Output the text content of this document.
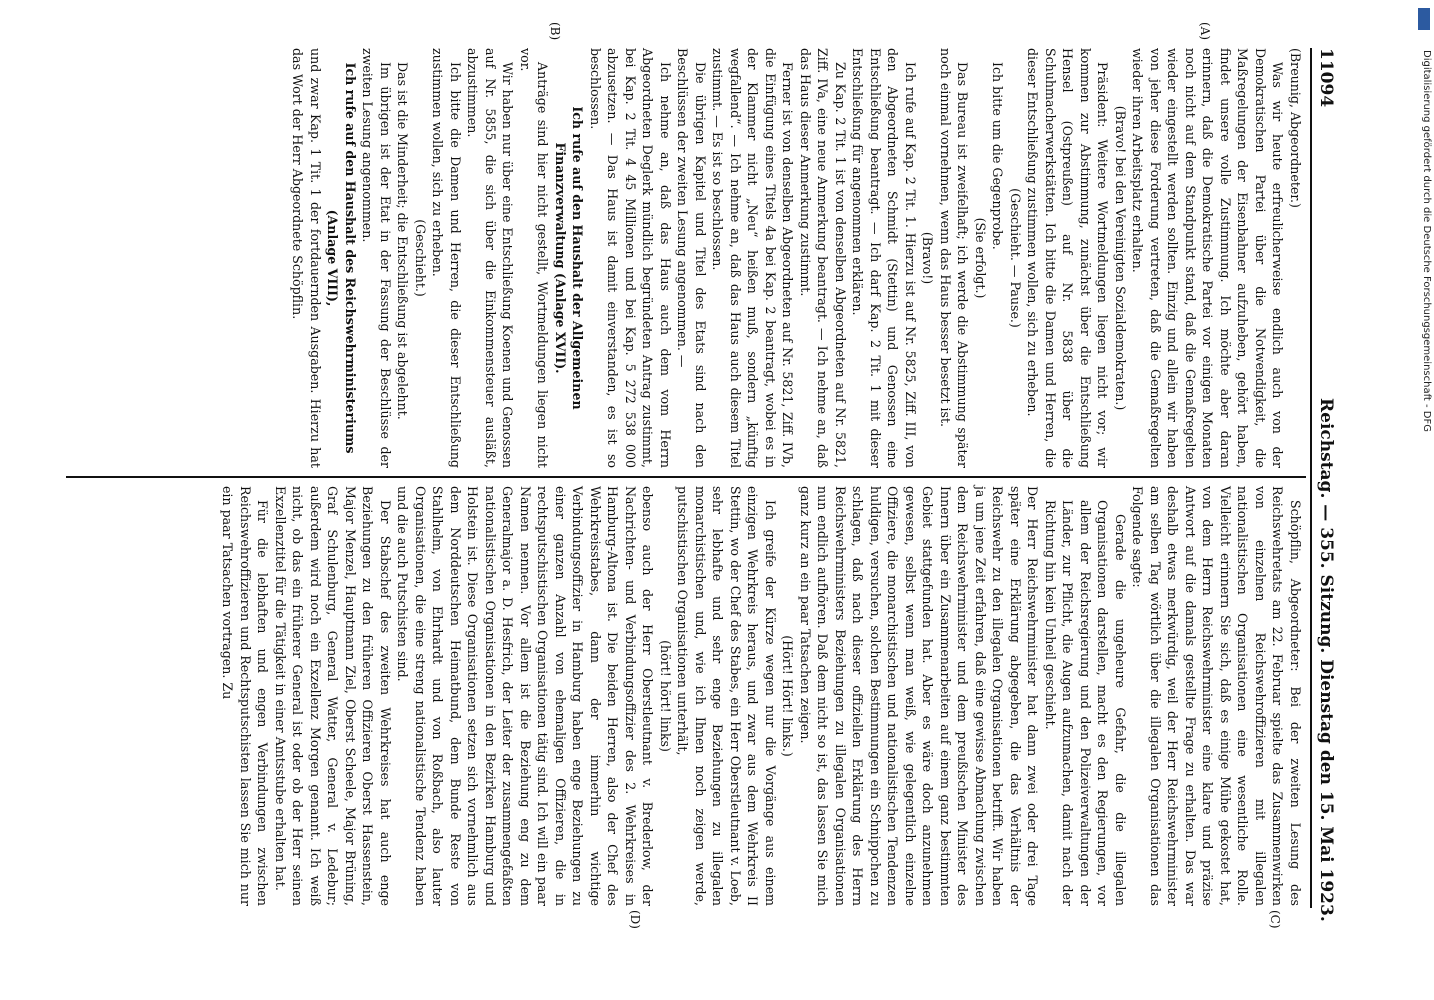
11094
Reichstag. — 355. Sitzung. Dienstag den 15. Mai 1923.
(A)
(B)
(C)
(D)

(Breunig, Abgeordneter.)

Was wir heute erfreulicherweise endlich auch von der Demokratischen Partei über die Notwendigkeit, die Maßregelungen der Eisenbahner aufzuheben, gehört haben, findet unsere volle Zustimmung. Ich möchte aber daran erinnern, daß die Demokratische Partei vor einigen Monaten noch nicht auf dem Standpunkt stand, daß die Gemaßregelten wieder eingestellt werden sollten. Einzig und allein wir haben von jeher diese Forderung vertreten, daß die Gemaßregelten wieder ihren Arbeitsplatz erhalten.

(Bravo! bei den Vereinigten Sozialdemokraten.)

Präsident: Weitere Wortmeldungen liegen nicht vor; wir kommen zur Abstimmung, zunächst über die Entschließung Hensel (Ostpreußen) auf Nr. 5838 über die Schuhmacherwerkstätten. Ich bitte die Damen und Herren, die dieser Entschließung zustimmen wollen, sich zu erheben.

(Geschieht. — Pause.)

Ich bitte um die Gegenprobe.

(Sie erfolgt.)

Das Bureau ist zweifelhaft; ich werde die Abstimmung später noch einmal vornehmen, wenn das Haus besser besetzt ist.

(Bravo!)

Ich rufe auf Kap. 2 Tit. 1. Hierzu ist auf Nr. 5825, Ziff. III, von den Abgeordneten Schmidt (Stettin) und Genossen eine Entschließung beantragt. — Ich darf Kap. 2 Tit. 1 mit dieser Entschließung für angenommen erklären.

Zu Kap. 2 Tit. 1 ist von denselben Abgeordneten auf Nr. 5821, Ziff. IVa, eine neue Anmerkung beantragt. — Ich nehme an, daß das Haus dieser Anmerkung zustimmt.

Ferner ist von denselben Abgeordneten auf Nr. 5821, Ziff. IVb, die Einfügung eines Titels 4a bei Kap. 2 beantragt, wobei es in der Klammer nicht „Neu“ heißen muß, sondern „künftig wegfallend“. — Ich nehme an, daß das Haus auch diesem Titel zustimmt. — Es ist so beschlossen.

Die übrigen Kapitel und Titel des Etats sind nach den Beschlüssen der zweiten Lesung angenommen. —

Ich nehme an, daß das Haus auch dem vom Herrn Abgeordneten Deglerk mündlich begründeten Antrag zustimmt, bei Kap. 2 Tit. 4 45 Millionen und bei Kap. 5 272 538 000 abzusetzen. — Das Haus ist damit einverstanden, es ist so beschlossen.

Ich rufe auf den Haushalt der Allgemeinen Finanzverwaltung (Anlage XVII).

Anträge sind hier nicht gestellt, Wortmeldungen liegen nicht vor.

Wir haben nur über eine Entschließung Koenen und Genossen auf Nr. 5855, die sich über die Einkommensteuer ausläßt, abzustimmen.

Ich bitte die Damen und Herren, die dieser Entschließung zustimmen wollen, sich zu erheben.

(Geschieht.)

Das ist die Minderheit; die Entschließung ist abgelehnt.

Im übrigen ist der Etat in der Fassung der Beschlüsse der zweiten Lesung angenommen.

Ich rufe auf den Haushalt des Reichswehrministeriums (Anlage VIII),

und zwar Kap. 1 Tit. 1 der fortdauernden Ausgaben. Hierzu hat das Wort der Herr Abgeordnete Schöpflin.

Schöpflin, Abgeordneter: Bei der zweiten Lesung des Reichswehretats am 22. Februar spielte das Zusammenwirken von einzelnen Reichswehroffizieren mit illegalen nationalistischen Organisationen eine wesentliche Rolle. Vielleicht erinnern Sie sich, daß es einige Mühe gekostet hat, von dem Herrn Reichswehrminister eine klare und präzise Antwort auf die damals gestellte Frage zu erhalten. Das war deshalb etwas merkwürdig, weil der Herr Reichswehrminister am selben Tag wörtlich über die illegalen Organisationen das Folgende sagte:

Gerade die ungeheure Gefahr, die die illegalen Organisationen darstellen, macht es den Regierungen, vor allem der Reichsregierung und den Polizeiverwaltungen der Länder, zur Pflicht, die Augen aufzumachen, damit nach der Richtung hin kein Unheil geschieht.

Der Herr Reichswehrminister hat dann zwei oder drei Tage später eine Erklärung abgegeben, die das Verhältnis der Reichswehr zu den illegalen Organisationen betrifft. Wir haben ja um jene Zeit erfahren, daß eine gewisse Abmachung zwischen dem Reichswehrminister und dem preußischen Minister des Innern über ein Zusammenarbeiten auf einem ganz bestimmten Gebiet stattgefunden hat. Aber es wäre doch anzunehmen gewesen, selbst wenn man weiß, wie gelegentlich einzelne Offiziere, die monarchistischen und nationalistischen Tendenzen huldigen, versuchen, solchen Bestimmungen ein Schnippchen zu schlagen, daß nach dieser offiziellen Erklärung des Herrn Reichswehrministers Beziehungen zu illegalen Organisationen nun endlich aufhören. Daß dem nicht so ist, das lassen Sie mich ganz kurz an ein paar Tatsachen zeigen.

(Hört! Hört! links.)

Ich greife der Kürze wegen nur die Vorgänge aus einem einzigen Wehrkreis heraus, und zwar aus dem Wehrkreis II Stettin, wo der Chef des Stabes, ein Herr Oberstleutnant v. Loeb, sehr lebhafte und sehr enge Beziehungen zu illegalen monarchistischen und, wie ich Ihnen noch zeigen werde, putschistischen Organisationen unterhält,

(hört! hört! links)

ebenso auch der Herr Oberstleutnant v. Brederlow, der Nachrichten- und Verbindungsoffizier des 2. Wehrkreises in Hamburg-Altona ist. Die beiden Herren, also der Chef des Wehrkreisstabes, dann der immerhin wichtige Verbindungsoffizier in Hamburg haben enge Beziehungen zu einer ganzen Anzahl von ehemaligen Offizieren, die in rechtsputschistischen Organisationen tätig sind. Ich will ein paar Namen nennen. Vor allem ist die Beziehung eng zu dem Generalmajor a. D. Hesfrich, der Leiter der zusammengefaßten nationalistischen Organisationen in den Bezirken Hamburg und Holstein ist. Diese Organisationen setzen sich vornehmlich aus dem Norddeutschen Heimatbund, dem Bunde Reste von Stahlhelm, von Ehrhardt und von Roßbach, also lauter Organisationen, die eine streng nationalistische Tendenz haben und die auch Putschisten sind.

Der Stabschef des zweiten Wehrkreises hat auch enge Beziehungen zu den früheren Offizieren Oberst Hassenstein, Major Menzel, Hauptmann Ziel, Oberst Scheele, Major Brüning, Graf Schulenburg, General Watter, General v. Ledebur; außerdem wird noch ein Exzellenz Morgen genannt. Ich weiß nicht, ob das ein früherer General ist oder ob der Herr seinen Exzellenztitel für die Tätigkeit in einer Amtsstube erhalten hat.

Für die lebhaften und engen Verbindungen zwischen Reichswehroffizieren und Rechtsputschisten lassen Sie mich nur ein paar Tatsachen vortragen. Zu

Digitalisierung gefördert durch die Deutsche Forschungsgemeinschaft - DFG
